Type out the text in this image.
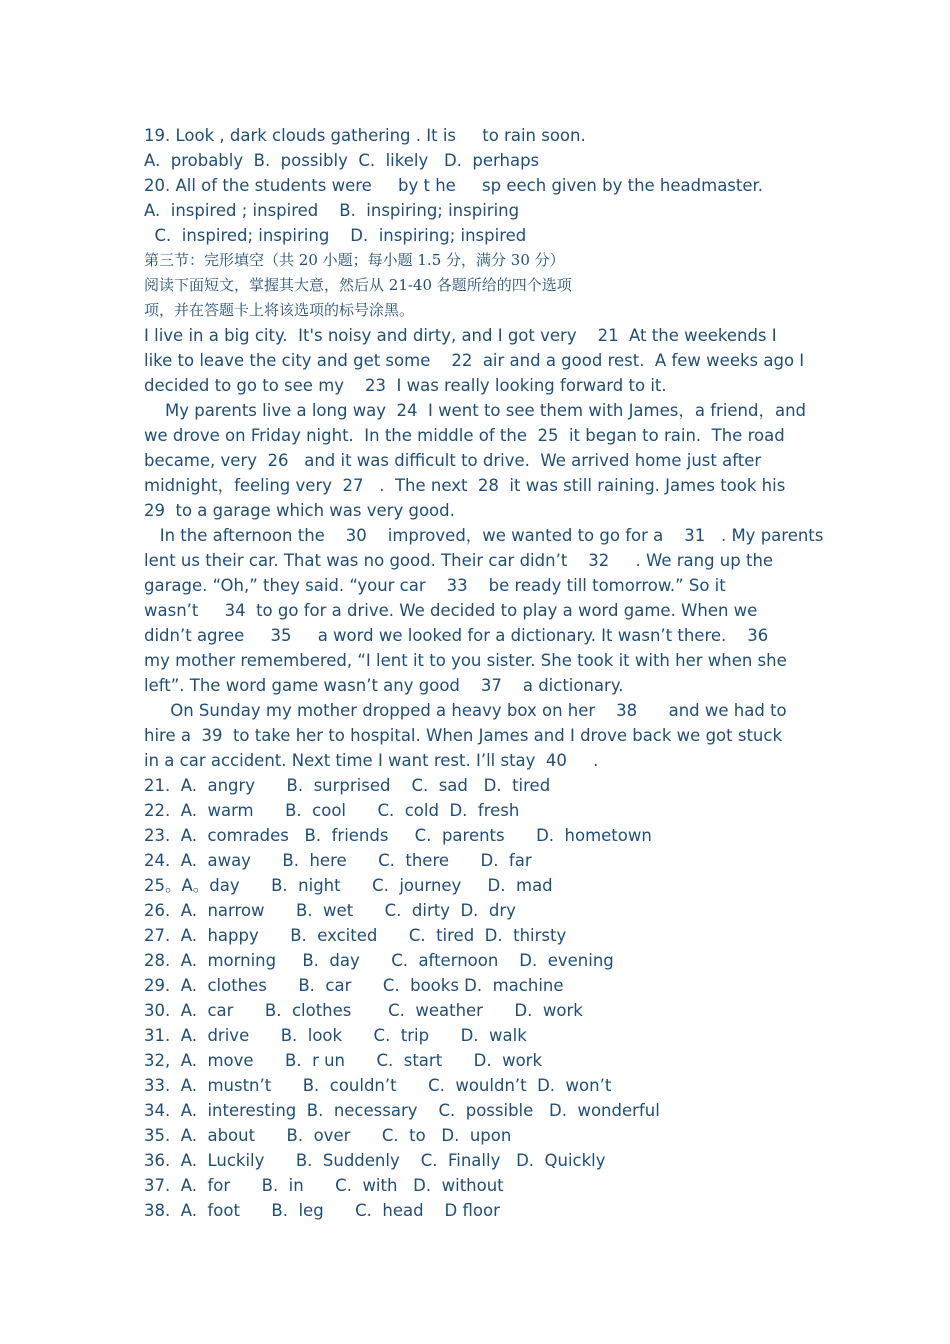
19. Look , dark clouds gathering . It is     to rain soon.
A.  probably  B.  possibly  C.  likely   D.  perhaps
20. All of the students were     by t he     sp eech given by the headmaster.
A.  inspired ; inspired    B.  inspiring; inspiring
C.  inspired; inspiring    D.  inspiring; inspired
第三节：完形填空（共 20 小题；每小题 1.5 分，满分 30 分）
阅读下面短文，掌握其大意，然后从 21-40 各题所给的四个选项
项，并在答题卡上将该选项的标号涂黑。
I live in a big city.  It's noisy and dirty, and I got very    21  At the weekends I
like to leave the city and get some    22  air and a good rest.  A few weeks ago I
decided to go to see my    23  I was really looking forward to it.
My parents live a long way  24  I went to see them with James，a friend，and
we drove on Friday night.  In the middle of the  25  it began to rain.  The road
became, very  26   and it was difficult to drive.  We arrived home just after
midnight，feeling very  27   .  The next  28  it was still raining. James took his
29  to a garage which was very good.
In the afternoon the    30    improved，we wanted to go for a    31   . My parents
lent us their car. That was no good. Their car didn’t    32     . We rang up the
garage. “Oh,” they said. “your car    33    be ready till tomorrow.” So it
wasn’t     34  to go for a drive. We decided to play a word game. When we
didn’t agree     35     a word we looked for a dictionary. It wasn’t there.    36
my mother remembered, “I lent it to you sister. She took it with her when she
left”. The word game wasn’t any good    37    a dictionary.
On Sunday my mother dropped a heavy box on her    38      and we had to
hire a  39  to take her to hospital. When James and I drove back we got stuck
in a car accident. Next time I want rest. I’ll stay  40     .
21.  A.  angry      B.  surprised    C.  sad   D.  tired
22.  A.  warm      B.  cool      C.  cold  D.  fresh
23.  A.  comrades   B.  friends     C.  parents      D.  hometown
24.  A.  away      B.  here      C.  there      D.  far
25。A。day      B.  night      C.  journey     D.  mad
26.  A.  narrow      B.  wet      C.  dirty  D.  dry
27.  A.  happy      B.  excited      C.  tired  D.  thirsty
28.  A.  morning     B.  day      C.  afternoon    D.  evening
29.  A.  clothes      B.  car      C.  books D.  machine
30.  A.  car      B.  clothes       C.  weather      D.  work
31.  A.  drive      B.  look      C.  trip      D.  walk
32,  A.  move      B.  r un      C.  start      D.  work
33.  A.  mustn’t      B.  couldn’t      C.  wouldn’t  D.  won’t
34.  A.  interesting  B.  necessary    C.  possible   D.  wonderful
35.  A.  about      B.  over      C.  to   D.  upon
36.  A.  Luckily      B.  Suddenly    C.  Finally   D.  Quickly
37.  A.  for      B.  in      C.  with   D.  without
38.  A.  foot      B.  leg      C.  head    D floor
